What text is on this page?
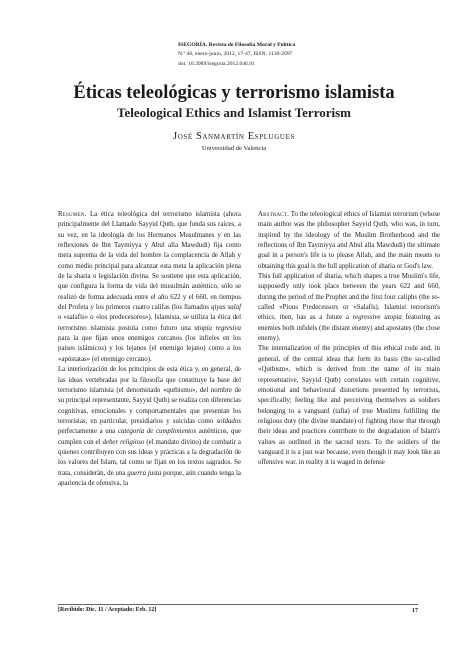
ISEGORÍA. Revista de Filosofía Moral y Política
N.º 46, enero-junio, 2012, 17-47, ISSN: 1130-2097
doi: 10.3989/isegoria.2012.046.01
Éticas teleológicas y terrorismo islamista
Teleological Ethics and Islamist Terrorism
José Sanmartín Esplugues
Universidad de Valencia

Resumen. La ética teleológica del terrorismo islamista (ahora principalmente del Llamado Sayyid Qutb, que funda sus raíces, a su vez, en la ideología de los Hermanos Musulmanes y en las reflexiones de Ibn Taymiyya y Abul alla Mawdudi) fija como meta suprema de la vida del hombre la complacencia de Allah y como medio principal para alcanzar esta meta la aplicación plena de la sharia o legislación divina. Se sostiene que esta aplicación, que configura la forma de vida del musulmán auténtico, sólo se realizó de forma adecuada entre el año 622 y el 660, en tiempos del Profeta y los primeros cuatro califas (los llamados qiyas salaf o «salafís» o «los predecesores»). Islamista, se utiliza la ética del terrorismo islamista postula como futuro una utopía regresiva para la que fijan unos enemigos cercanos (los infieles en los países islámicos) y los lejanos (el enemigo lejano) como a los «apóstatas» (el enemigo cercano).

La interiorización de los principios de esta ética y, en general, de las ideas vertebradas por la filosofía que constituye la base del terrorismo islamista (el denominado «qutbismo», del nombre de su principal representante, Sayyid Qutb) se realiza con diferencias cognitivas, emocionales y comportamentales que presentan los terroristas, en particular, presidiarios y suicidas como soldados perfectamente a una categoría de cumplimientos auténticos, que cumplen con el deber religioso (el mandato divino) de combatir a quienes contribuyen con sus ideas y prácticas a la degradación de los valores del Islam, tal como se fijan en los textos sagrados. Se trata, considerán, de una guerra justa porque, aún cuando tenga la apariencia de ofensiva, la

Abstract. To the teleological ethics of Islamist terrorism (whose main author was the philosopher Sayyid Qutb, who was, in turn, inspired by the ideology of the Muslim Brotherhood and the reflections of Ibn Taymiyya and Abul alla Mawdudi) the ultimate goal in a person's life is to please Allah, and the main means to obtaining this goal is the full application of sharia or God's law.

This full application of sharia, which shapes a true Muslim's life, supposedly only took place between the years 622 and 660, during the period of the Prophet and the first four caliphs (the so-called «Pious Predecessors or «Salafís). Islamist terrorism's ethics, then, has as a futute a regressive utopia featuring as enemies both infidels (the distant enemy) and apostates (the close enemy).

The internalization of the principles of this ethical code and, in general, of the central ideas that form its basis (the so-called «Qutbism», which is derived from the name of its main representative, Sayyid Qutb) correlates with certain cognitive, emotional and behavioural distortions presented by terrorists, specifically; feeling like and perceiving themselves as soldiers belonging to a vanguard (tafia) of true Muslims fulfilling the religious duty (the divine mandate) of fighting those that through their ideas and practices contribute to the degradation of Islam's values as outlined in the sacred texts. To the soldiers of the vanguard it is a just war because, even though it may look like an offensive war, in reality it is waged in defense

[Recibido: Dic. 11 / Aceptado: Feb. 12]	17
